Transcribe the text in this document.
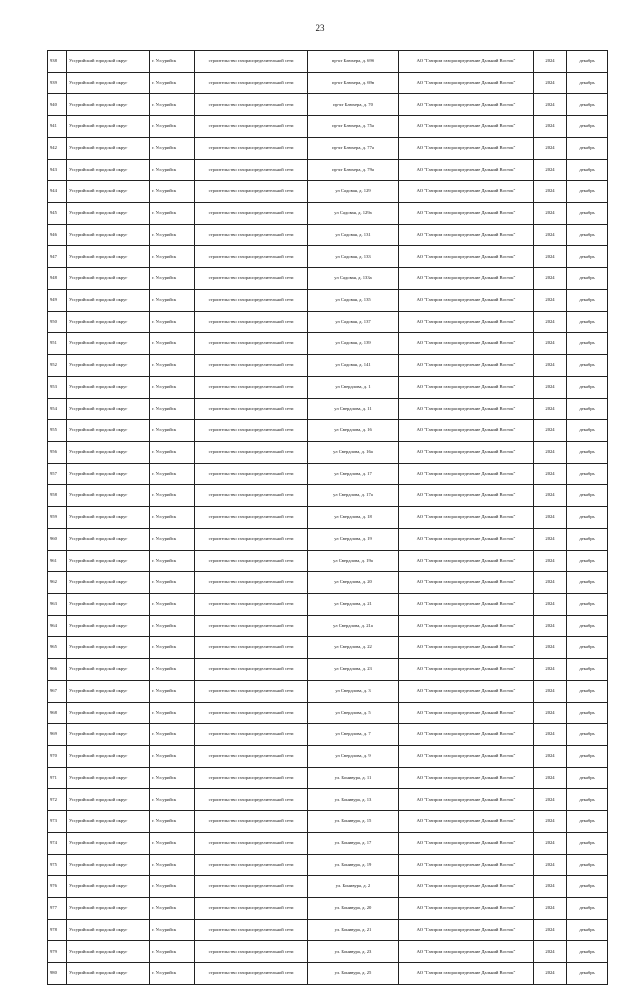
23
938	Уссурийский городской округ	г. Уссурийск	строительство газораспределительной сети	пр-кт Блюхера, д. 69б	АО "Газпром газораспределение Дальний Восток"	2024	декабрь
939	Уссурийский городской округ	г. Уссурийск	строительство газораспределительной сети	пр-кт Блюхера, д. 69в	АО "Газпром газораспределение Дальний Восток"	2024	декабрь
940	Уссурийский городской округ	г. Уссурийск	строительство газораспределительной сети	пр-кт Блюхера, д. 70	АО "Газпром газораспределение Дальний Восток"	2024	декабрь
941	Уссурийский городской округ	г. Уссурийск	строительство газораспределительной сети	пр-кт Блюхера, д. 75а	АО "Газпром газораспределение Дальний Восток"	2024	декабрь
942	Уссурийский городской округ	г. Уссурийск	строительство газораспределительной сети	пр-кт Блюхера, д. 77а	АО "Газпром газораспределение Дальний Восток"	2024	декабрь
943	Уссурийский городской округ	г. Уссурийск	строительство газораспределительной сети	пр-кт Блюхера, д. 79а	АО "Газпром газораспределение Дальний Восток"	2024	декабрь
944	Уссурийский городской округ	г. Уссурийск	строительство газораспределительной сети	ул Садовая, д. 129	АО "Газпром газораспределение Дальний Восток"	2024	декабрь
945	Уссурийский городской округ	г. Уссурийск	строительство газораспределительной сети	ул Садовая, д. 129а	АО "Газпром газораспределение Дальний Восток"	2024	декабрь
946	Уссурийский городской округ	г. Уссурийск	строительство газораспределительной сети	ул Садовая, д. 131	АО "Газпром газораспределение Дальний Восток"	2024	декабрь
947	Уссурийский городской округ	г. Уссурийск	строительство газораспределительной сети	ул Садовая, д. 133	АО "Газпром газораспределение Дальний Восток"	2024	декабрь
948	Уссурийский городской округ	г. Уссурийск	строительство газораспределительной сети	ул Садовая, д. 133а	АО "Газпром газораспределение Дальний Восток"	2024	декабрь
949	Уссурийский городской округ	г. Уссурийск	строительство газораспределительной сети	ул Садовая, д. 135	АО "Газпром газораспределение Дальний Восток"	2024	декабрь
950	Уссурийский городской округ	г. Уссурийск	строительство газораспределительной сети	ул Садовая, д. 137	АО "Газпром газораспределение Дальний Восток"	2024	декабрь
951	Уссурийский городской округ	г. Уссурийск	строительство газораспределительной сети	ул Садовая, д. 139	АО "Газпром газораспределение Дальний Восток"	2024	декабрь
952	Уссурийский городской округ	г. Уссурийск	строительство газораспределительной сети	ул Садовая, д. 141	АО "Газпром газораспределение Дальний Восток"	2024	декабрь
953	Уссурийский городской округ	г. Уссурийск	строительство газораспределительной сети	ул Свердлова, д. 1	АО "Газпром газораспределение Дальний Восток"	2024	декабрь
954	Уссурийский городской округ	г. Уссурийск	строительство газораспределительной сети	ул Свердлова, д. 11	АО "Газпром газораспределение Дальний Восток"	2024	декабрь
955	Уссурийский городской округ	г. Уссурийск	строительство газораспределительной сети	ул Свердлова, д. 16	АО "Газпром газораспределение Дальний Восток"	2024	декабрь
956	Уссурийский городской округ	г. Уссурийск	строительство газораспределительной сети	ул Свердлова, д. 16а	АО "Газпром газораспределение Дальний Восток"	2024	декабрь
957	Уссурийский городской округ	г. Уссурийск	строительство газораспределительной сети	ул Свердлова, д. 17	АО "Газпром газораспределение Дальний Восток"	2024	декабрь
958	Уссурийский городской округ	г. Уссурийск	строительство газораспределительной сети	ул Свердлова, д. 17а	АО "Газпром газораспределение Дальний Восток"	2024	декабрь
959	Уссурийский городской округ	г. Уссурийск	строительство газораспределительной сети	ул Свердлова, д. 18	АО "Газпром газораспределение Дальний Восток"	2024	декабрь
960	Уссурийский городской округ	г. Уссурийск	строительство газораспределительной сети	ул Свердлова, д. 19	АО "Газпром газораспределение Дальний Восток"	2024	декабрь
961	Уссурийский городской округ	г. Уссурийск	строительство газораспределительной сети	ул Свердлова, д. 19а	АО "Газпром газораспределение Дальний Восток"	2024	декабрь
962	Уссурийский городской округ	г. Уссурийск	строительство газораспределительной сети	ул Свердлова, д. 20	АО "Газпром газораспределение Дальний Восток"	2024	декабрь
963	Уссурийский городской округ	г. Уссурийск	строительство газораспределительной сети	ул Свердлова, д. 21	АО "Газпром газораспределение Дальний Восток"	2024	декабрь
964	Уссурийский городской округ	г. Уссурийск	строительство газораспределительной сети	ул Свердлова, д. 21а	АО "Газпром газораспределение Дальний Восток"	2024	декабрь
965	Уссурийский городской округ	г. Уссурийск	строительство газораспределительной сети	ул Свердлова, д. 22	АО "Газпром газораспределение Дальний Восток"	2024	декабрь
966	Уссурийский городской округ	г. Уссурийск	строительство газораспределительной сети	ул Свердлова, д. 23	АО "Газпром газораспределение Дальний Восток"	2024	декабрь
967	Уссурийский городской округ	г. Уссурийск	строительство газораспределительной сети	ул Свердлова, д. 3	АО "Газпром газораспределение Дальний Восток"	2024	декабрь
968	Уссурийский городской округ	г. Уссурийск	строительство газораспределительной сети	ул Свердлова, д. 5	АО "Газпром газораспределение Дальний Восток"	2024	декабрь
969	Уссурийский городской округ	г. Уссурийск	строительство газораспределительной сети	ул Свердлова, д. 7	АО "Газпром газораспределение Дальний Восток"	2024	декабрь
970	Уссурийский городской округ	г. Уссурийск	строительство газораспределительной сети	ул Свердлова, д. 9	АО "Газпром газораспределение Дальний Восток"	2024	декабрь
971	Уссурийский городской округ	г. Уссурийск	строительство газораспределительной сети	ул. Бонивура, д. 11	АО "Газпром газораспределение Дальний Восток"	2024	декабрь
972	Уссурийский городской округ	г. Уссурийск	строительство газораспределительной сети	ул. Бонивура, д. 13	АО "Газпром газораспределение Дальний Восток"	2024	декабрь
973	Уссурийский городской округ	г. Уссурийск	строительство газораспределительной сети	ул. Бонивура, д. 15	АО "Газпром газораспределение Дальний Восток"	2024	декабрь
974	Уссурийский городской округ	г. Уссурийск	строительство газораспределительной сети	ул. Бонивура, д. 17	АО "Газпром газораспределение Дальний Восток"	2024	декабрь
975	Уссурийский городской округ	г. Уссурийск	строительство газораспределительной сети	ул. Бонивура, д. 19	АО "Газпром газораспределение Дальний Восток"	2024	декабрь
976	Уссурийский городской округ	г. Уссурийск	строительство газораспределительной сети	ул. Бонивура, д. 2	АО "Газпром газораспределение Дальний Восток"	2024	декабрь
977	Уссурийский городской округ	г. Уссурийск	строительство газораспределительной сети	ул. Бонивура, д. 20	АО "Газпром газораспределение Дальний Восток"	2024	декабрь
978	Уссурийский городской округ	г. Уссурийск	строительство газораспределительной сети	ул. Бонивура, д. 21	АО "Газпром газораспределение Дальний Восток"	2024	декабрь
979	Уссурийский городской округ	г. Уссурийск	строительство газораспределительной сети	ул. Бонивура, д. 23	АО "Газпром газораспределение Дальний Восток"	2024	декабрь
980	Уссурийский городской округ	г. Уссурийск	строительство газораспределительной сети	ул. Бонивура, д. 25	АО "Газпром газораспределение Дальний Восток"	2024	декабрь
